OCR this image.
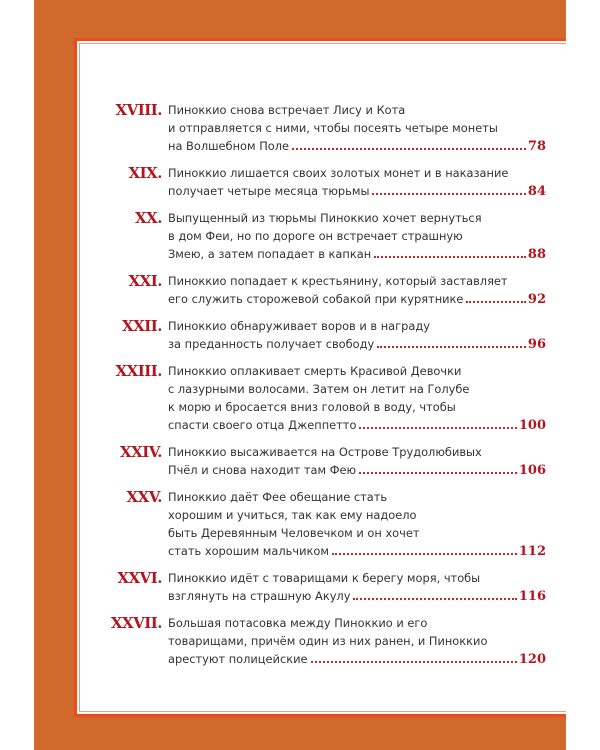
XVIII. Пинoккио снова встречает Лису и Кота
и отправляется с ними, чтобы посеять четыре монеты
на Волшебном Поле	78
XIX. Пиноккио лишается своих золотых монет и в наказание
получает четыре месяца тюрьмы	84
XX. Выпущенный из тюрьмы Пиноккио хочет вернуться
в дом Феи, но по дороге он встречает страшную
Змею, а затем попадает в капкан	88
XXI. Пиноккио попадает к крестьянину, который заставляет
его служить сторожевой собакой при курятнике	92
XXII. Пиноккио обнаруживает воров и в награду
за преданность получает свободу	96
XXIII. Пиноккио оплакивает смерть Красивой Девочки
с лазурными волосами. Затем он летит на Голубе
к морю и бросается вниз головой в воду, чтобы
спасти своего отца Джеппетто	100
XXIV. Пиноккио высаживается на Острове Трудолюбивых
Пчёл и снова находит там Фею	106
XXV. Пиноккио даёт Фее обещание стать
хорошим и учиться, так как ему надоело
быть Деревянным Человечком и он хочет
стать хорошим мальчиком	112
XXVI. Пиноккио идёт с товарищами к берегу моря, чтобы
взглянуть на страшную Акулу	116
XXVII. Большая потасовка между Пиноккио и его
товарищами, причём один из них ранен, и Пиноккио
арестуют полицейские	120
